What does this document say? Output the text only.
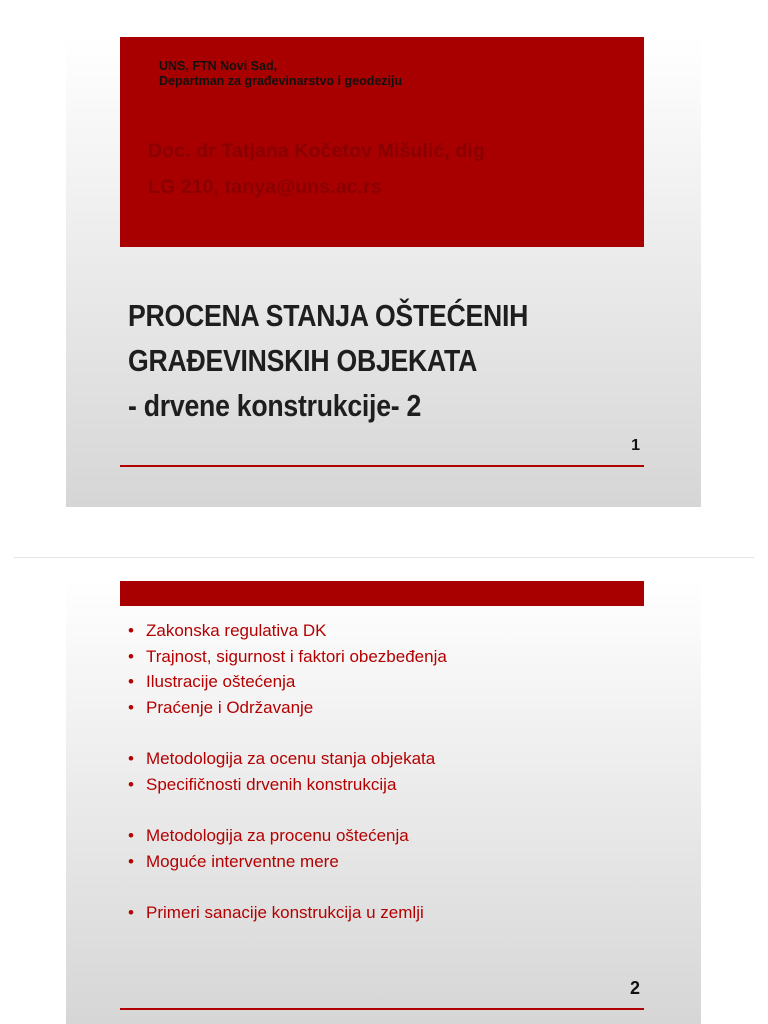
UNS, FTN Novi Sad,
Departman za građevinarstvo i geodeziju
Doc. dr Tatjana Kočetov Mišulić, dig
LG 210, tanya@uns.ac.rs
PROCENA STANJA OŠTEĆENIH
GRAĐEVINSKIH OBJEKATA
- drvene konstrukcije- 2
1
• Zakonska regulativa DK
• Trajnost, sigurnost i faktori obezbeđenja
• Ilustracije oštećenja
• Praćenje i Održavanje
• Metodologija za ocenu stanja objekata
• Specifičnosti drvenih konstrukcija
• Metodologija za procenu oštećenja
• Moguće interventne mere
• Primeri sanacije konstrukcija u zemlji
2
